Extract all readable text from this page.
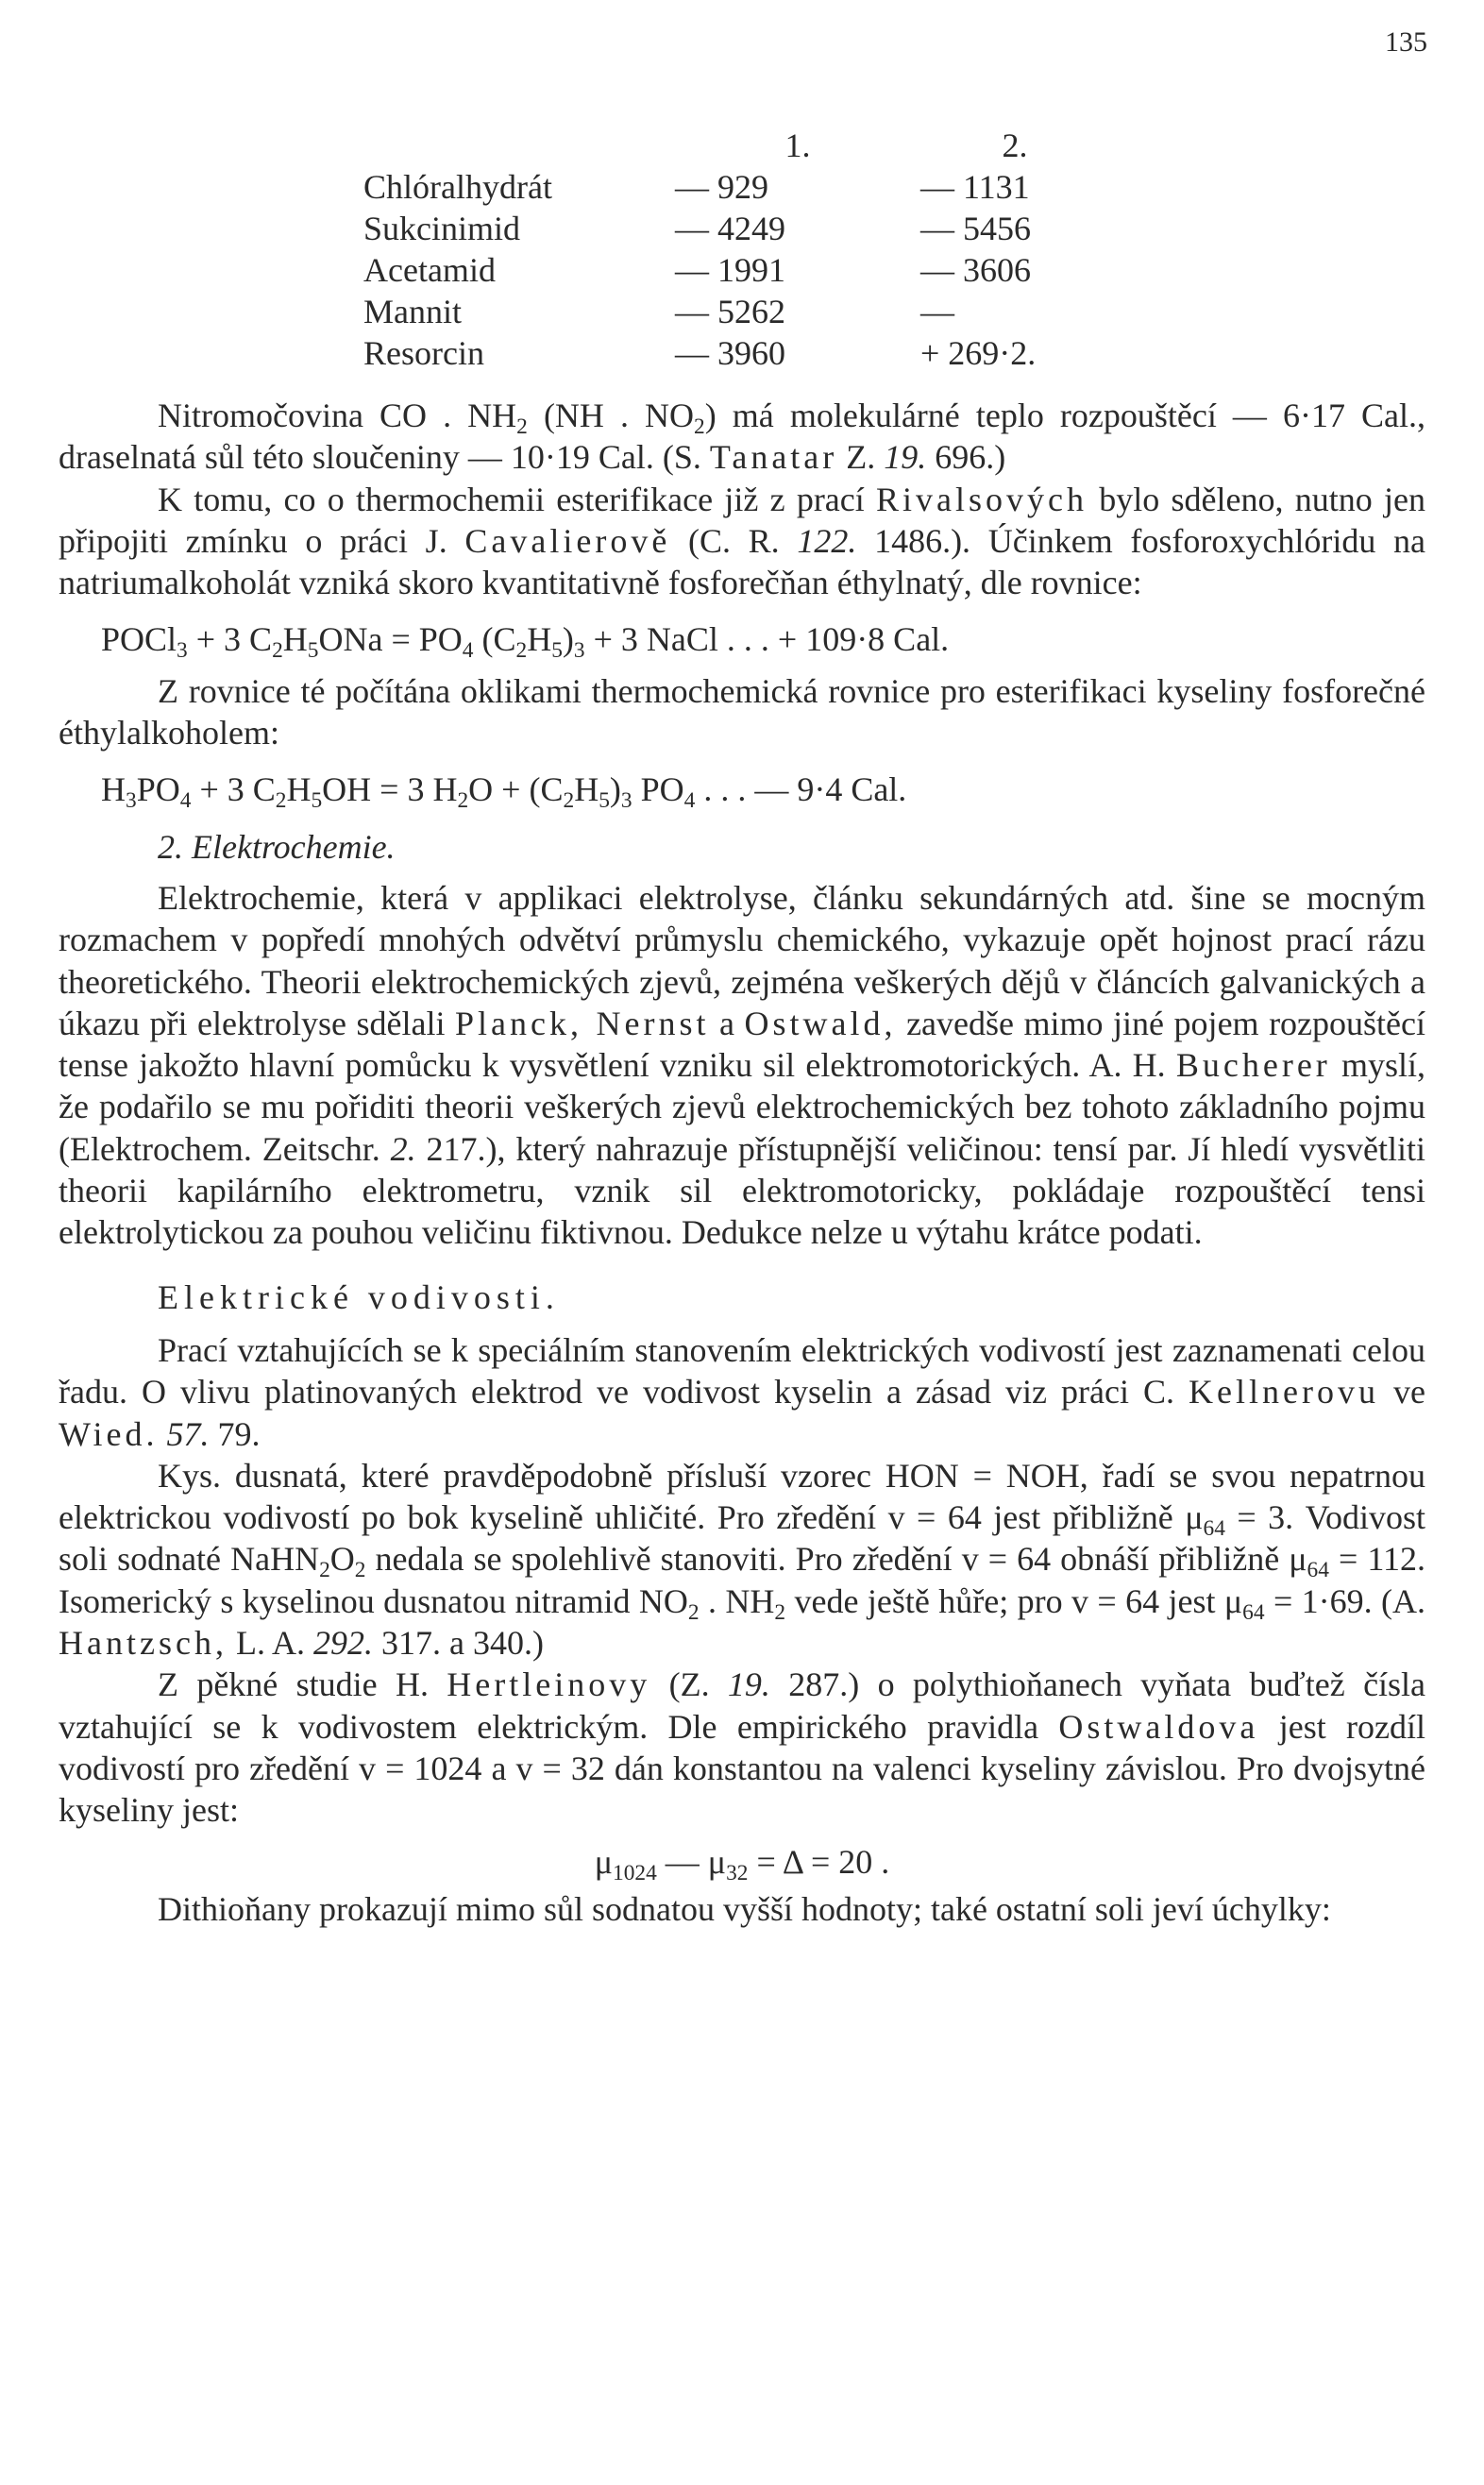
135
	1.	2.
Chlóralhydrát	— 929	— 1131
Sukcinimid	— 4249	— 5456
Acetamid	— 1991	— 3606
Mannit	— 5262	—
Resorcin	— 3960	+ 269·2.

Nitromočovina CO . $NH_2$ (NH . $NO_2$) má molekulárné teplo rozpouštěcí — 6·17 Cal., draselnatá sůl této sloučeniny — 10·19 Cal. (S. Tanatar Z. 19. 696.)

K tomu, co o thermochemii esterifikace již z prací Rivalsových bylo sděleno, nutno jen připojiti zmínku o práci J. Cavalierově (C. R. 122. 1486.). Účinkem fosforoxychlóridu na natriumalkoholát vzniká skoro kvantitativně fosforečňan éthylnatý, dle rovnice:

POCl$_3$ + 3 $C_2H_5ONa = PO_4$ $(C_2H_5)_3 + 3$ NaCl . . . + 109·8 Cal.

Z rovnice té počítána oklikami thermochemická rovnice pro esterifikaci kyseliny fosforečné éthylalkoholem:

$H_3PO_4 + 3$ $C_2H_5OH = 3$ $H_2O + (C_2H_5)_3$ $PO_4$ . . . — 9·4 Cal.
2. Elektrochemie.

Elektrochemie, která v applikaci elektrolyse, článku sekundárných atd. šine se mocným rozmachem v popředí mnohých odvětví průmyslu chemického, vykazuje opět hojnost prací rázu theoretického. Theorii elektrochemických zjevů, zejména veškerých dějů v článcích galvanických a úkazu při elektrolyse sdělali Planck, Nernst a Ostwald, zavedše mimo jiné pojem rozpouštěcí tense jakožto hlavní pomůcku k vysvětlení vzniku sil elektromotorických. A. H. Bucherer myslí, že podařilo se mu pořiditi theorii veškerých zjevů elektrochemických bez tohoto základního pojmu (Elektrochem. Zeitschr. 2. 217.), který nahrazuje přístupnější veličinou: tensí par. Jí hledí vysvětliti theorii kapilárního elektrometru, vznik sil elektromotoricky, pokládaje rozpouštěcí tensi elektrolytickou za pouhou veličinu fiktivnou. Dedukce nelze u výtahu krátce podati.

Elektrické vodivosti.

Prací vztahujících se k speciálním stanovením elektrických vodivostí jest zaznamenati celou řadu. O vlivu platinovaných elektrod ve vodivost kyselin a zásad viz práci C. Kellnerovu ve Wied. 57. 79.

Kys. dusnatá, které pravděpodobně přísluší vzorec HON = NOH, řadí se svou nepatrnou elektrickou vodivostí po bok kyselině uhličité. Pro zředění v = 64 jest přibližně $\mu_{64} = 3$. Vodivost soli sodnaté $NaHN_2O_2$ nedala se spolehlivě stanoviti. Pro zředění v = 64 obnáší přibližně $\mu_{64} = 112$. Isomerický s kyselinou dusnatou nitramid $NO_2$ . $NH_2$ vede ještě hůře; pro v = 64 jest $\mu_{64} = 1\cdot 69$. (A. Hantzsch, L. A. 292. 317. a 340.)

Z pěkné studie H. Hertleinovy (Z. 19. 287.) o polythioňanech vyňata buďtež čísla vztahující se k vodivostem elektrickým. Dle empirického pravidla Ostwaldova jest rozdíl vodivostí pro zředění v = 1024 a v = 32 dán konstantou na valenci kyseliny závislou. Pro dvojsytné kyseliny jest:

$\mu_{1024}$ — $\mu_{32} = \Delta = 20$ .

Dithioňany prokazují mimo sůl sodnatou vyšší hodnoty; také ostatní soli jeví úchylky:
